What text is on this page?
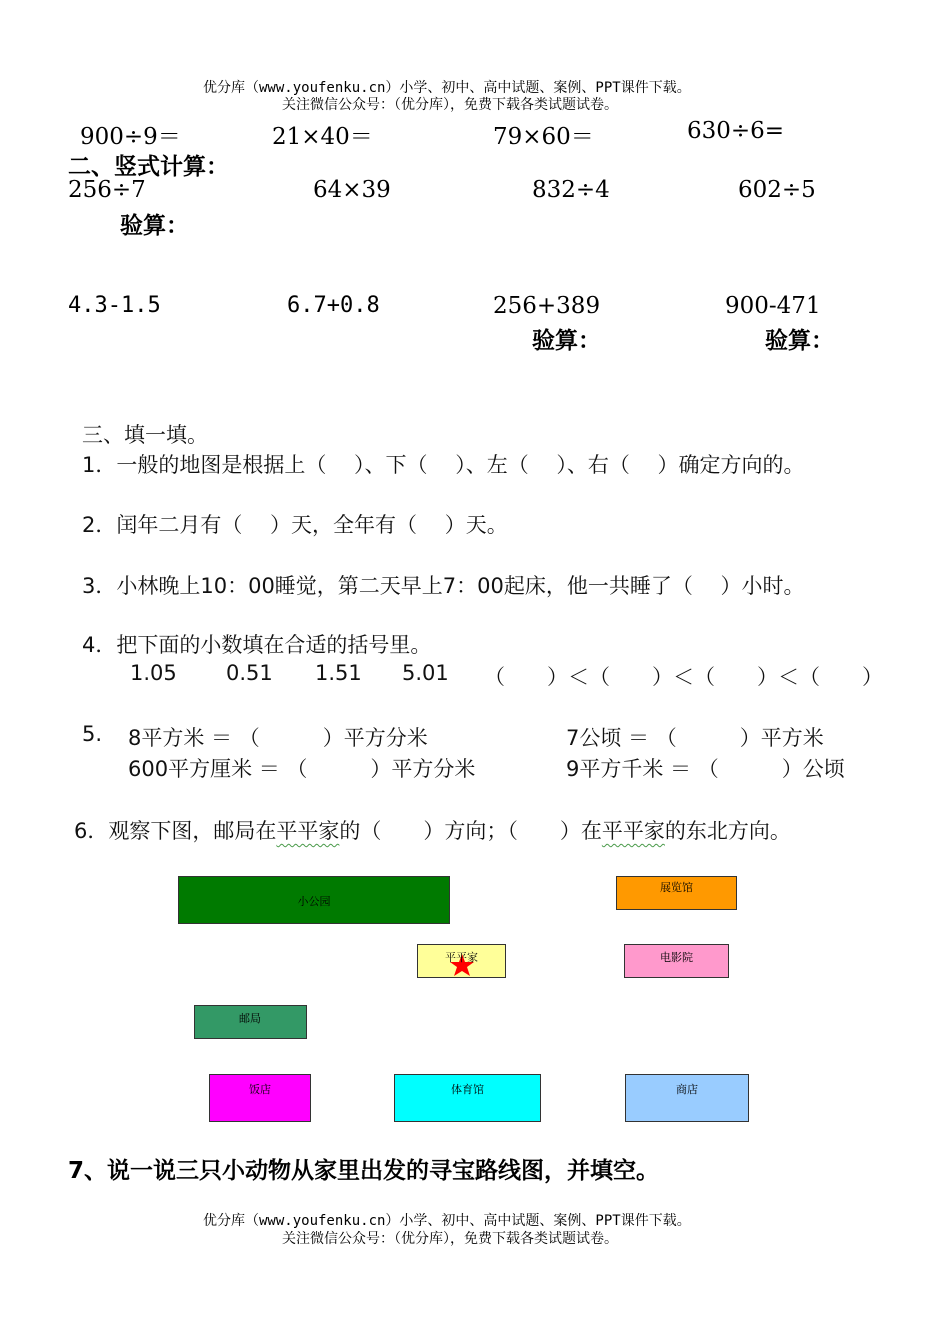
优分库（www.youfenku.cn）小学、初中、高中试题、案例、PPT课件下载。
关注微信公众号：（优分库），免费下载各类试题试卷。
900÷9＝	21×40＝	79×60＝	630÷6=
二、竖式计算：
256÷7	64×39	832÷4	602÷5
验算：
4.3-1.5	6.7+0.8	256+389	900-471
验算：	验算：
三、填一填。
1．一般的地图是根据上（　 ）、下（　 ）、左（　 ）、右（　 ）确定方向的。
2．闰年二月有（　 ）天，全年有（　 ）天。
3．小林晚上10：00睡觉，第二天早上7：00起床，他一共睡了（　 ）小时。
4．把下面的小数填在合适的括号里。
1.05 0.51 1.51 5.01 （　　）＜（　　）＜（　　）＜（　　）
5. 8平方米 ＝ （　　　）平方分米	7公顷 ＝ （　　　）平方米
600平方厘米 ＝ （　　　）平方分米	9平方千米 ＝ （　　　）公顷
6．观察下图，邮局在平平家的（　　）方向；（　　）在平平家的东北方向。
小公园
展览馆
平平家	电影院
邮局
饭店	体育馆	商店
7、说一说三只小动物从家里出发的寻宝路线图，并填空。
优分库（www.youfenku.cn）小学、初中、高中试题、案例、PPT课件下载。
关注微信公众号：（优分库），免费下载各类试题试卷。
